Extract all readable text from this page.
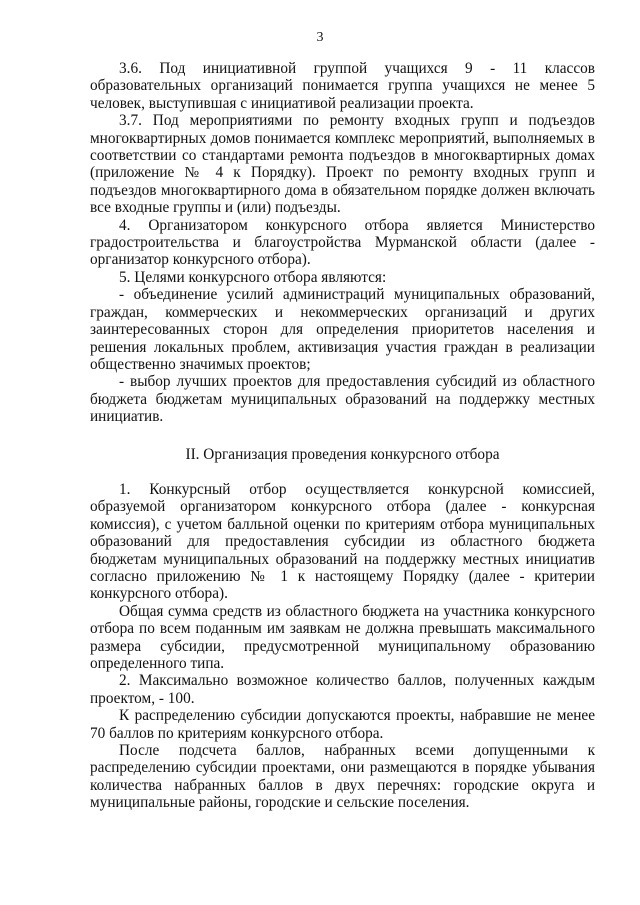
3

3.6. Под инициативной группой учащихся 9 - 11 классов образовательных организаций понимается группа учащихся не менее 5 человек, выступившая с инициативой реализации проекта.

3.7. Под мероприятиями по ремонту входных групп и подъездов многоквартирных домов понимается комплекс мероприятий, выполняемых в соответствии со стандартами ремонта подъездов в многоквартирных домах (приложение № 4 к Порядку). Проект по ремонту входных групп и подъездов многоквартирного дома в обязательном порядке должен включать все входные группы и (или) подъезды.

4. Организатором конкурсного отбора является Министерство градостроительства и благоустройства Мурманской области (далее - организатор конкурсного отбора).

5. Целями конкурсного отбора являются:

- объединение усилий администраций муниципальных образований, граждан, коммерческих и некоммерческих организаций и других заинтересованных сторон для определения приоритетов населения и решения локальных проблем, активизация участия граждан в реализации общественно значимых проектов;

- выбор лучших проектов для предоставления субсидий из областного бюджета бюджетам муниципальных образований на поддержку местных инициатив.

II. Организация проведения конкурсного отбора

1. Конкурсный отбор осуществляется конкурсной комиссией, образуемой организатором конкурсного отбора (далее - конкурсная комиссия), с учетом балльной оценки по критериям отбора муниципальных образований для предоставления субсидии из областного бюджета бюджетам муниципальных образований на поддержку местных инициатив согласно приложению № 1 к настоящему Порядку (далее - критерии конкурсного отбора).

Общая сумма средств из областного бюджета на участника конкурсного отбора по всем поданным им заявкам не должна превышать максимального размера субсидии, предусмотренной муниципальному образованию определенного типа.

2. Максимально возможное количество баллов, полученных каждым проектом, - 100.

К распределению субсидии допускаются проекты, набравшие не менее 70 баллов по критериям конкурсного отбора.

После подсчета баллов, набранных всеми допущенными к распределению субсидии проектами, они размещаются в порядке убывания количества набранных баллов в двух перечнях: городские округа и муниципальные районы, городские и сельские поселения.
